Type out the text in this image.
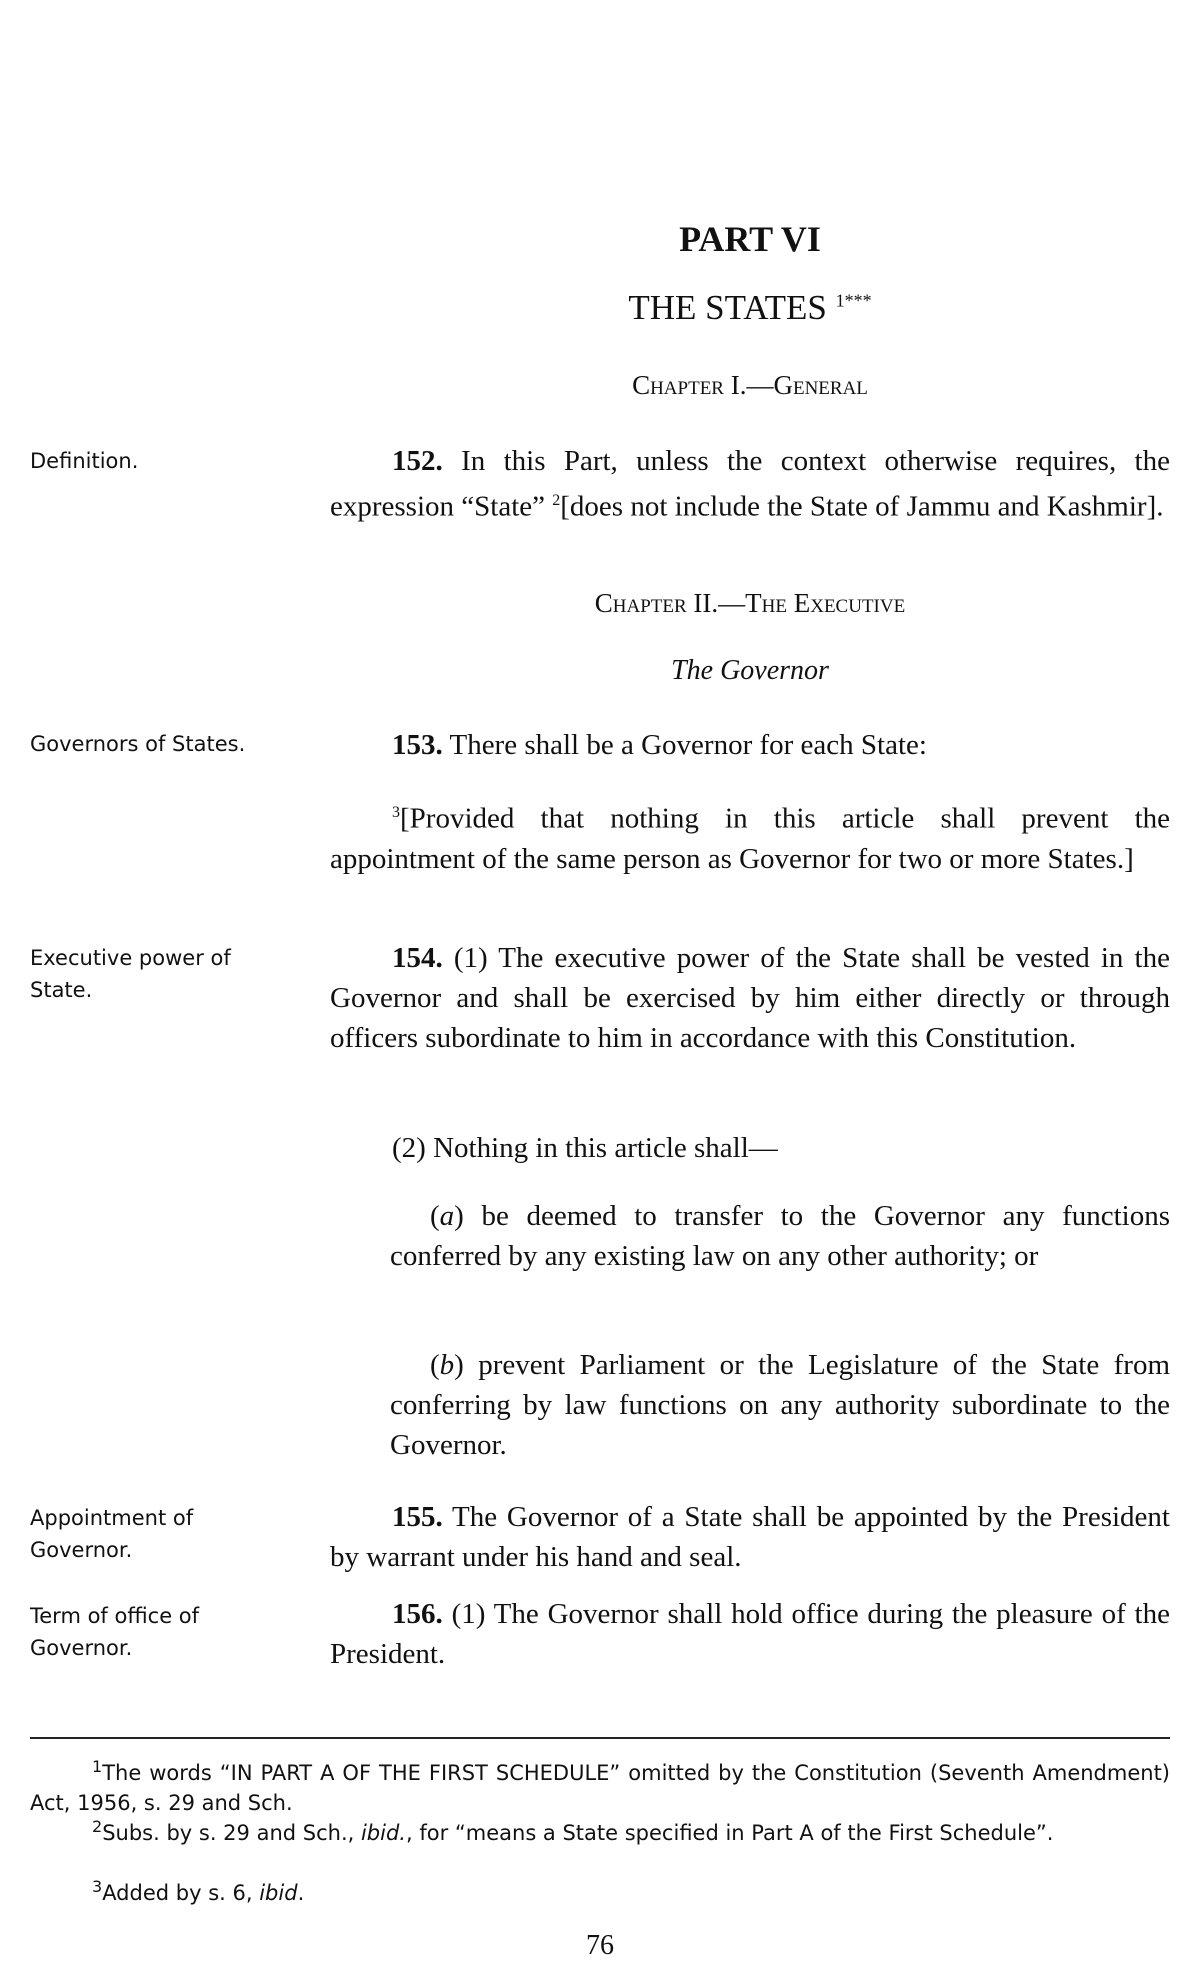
PART VI
THE STATES $^{1***}$
Chapter I.—General
Definition.	152. In this Part, unless the context otherwise requires, the expression “State” $^2$[does not include the State of Jammu and Kashmir].
Chapter II.—The Executive
The Governor
Governors of States.	153. There shall be a Governor for each State:
$^3$[Provided that nothing in this article shall prevent the appointment of the same person as Governor for two or more States.]
Executive power of State.
154. (1) The executive power of the State shall be vested in the Governor and shall be exercised by him either directly or through officers subordinate to him in accordance with this Constitution.
(2) Nothing in this article shall—
(a) be deemed to transfer to the Governor any functions conferred by any existing law on any other authority; or
(b) prevent Parliament or the Legislature of the State from conferring by law functions on any authority subordinate to the Governor.
Appointment of Governor.
155. The Governor of a State shall be appointed by the President by warrant under his hand and seal.
Term of office of Governor.
156. (1) The Governor shall hold office during the pleasure of the President.
$^1$The words “IN PART A OF THE FIRST SCHEDULE” omitted by the Constitution (Seventh Amendment) Act, 1956, s. 29 and Sch.
$^2$Subs. by s. 29 and Sch., ibid., for “means a State specified in Part A of the First Schedule”.
$^3$Added by s. 6, ibid.
76
